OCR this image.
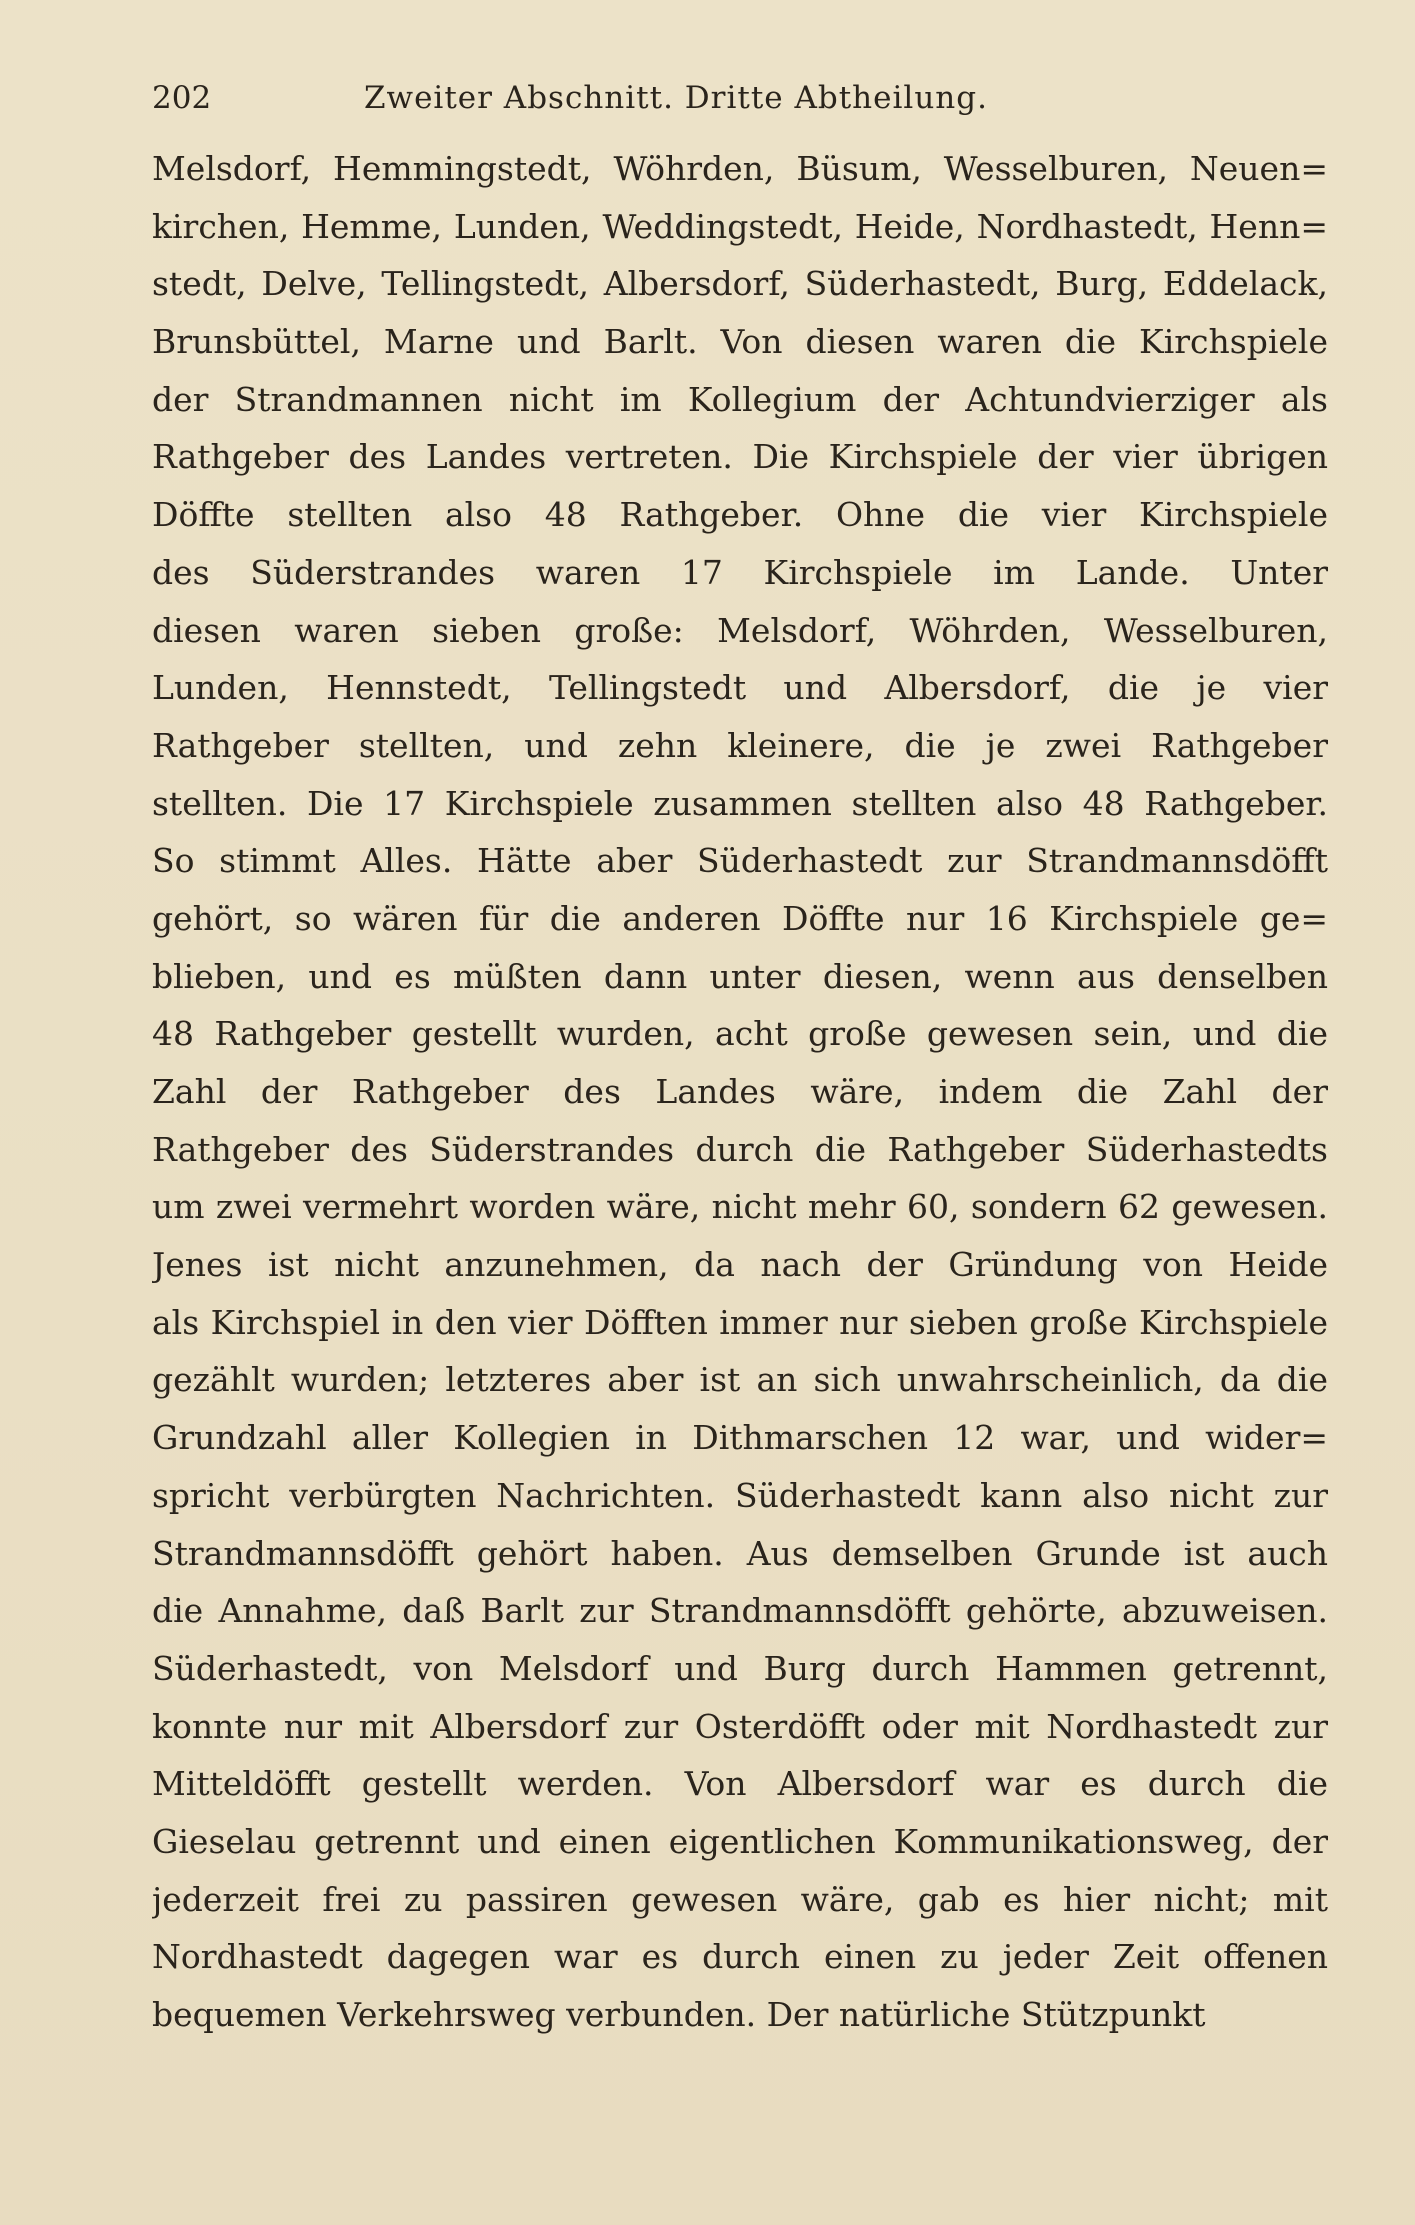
202	Zweiter Abschnitt. Dritte Abtheilung.
Melsdorf, Hemmingstedt, Wöhrden, Büsum, Wesselburen, Neuen=
kirchen, Hemme, Lunden, Weddingstedt, Heide, Nordhastedt, Henn=
stedt, Delve, Tellingstedt, Albersdorf, Süderhastedt, Burg, Eddelack,
Brunsbüttel, Marne und Barlt. Von diesen waren die Kirchspiele
der Strandmannen nicht im Kollegium der Achtundvierziger als
Rathgeber des Landes vertreten. Die Kirchspiele der vier übrigen
Döffte stellten also 48 Rathgeber. Ohne die vier Kirchspiele
des Süderstrandes waren 17 Kirchspiele im Lande. Unter
diesen waren sieben große: Melsdorf, Wöhrden, Wesselburen,
Lunden, Hennstedt, Tellingstedt und Albersdorf, die je vier
Rathgeber stellten, und zehn kleinere, die je zwei Rathgeber
stellten. Die 17 Kirchspiele zusammen stellten also 48 Rathgeber.
So stimmt Alles. Hätte aber Süderhastedt zur Strandmannsdöfft
gehört, so wären für die anderen Döffte nur 16 Kirchspiele ge=
blieben, und es müßten dann unter diesen, wenn aus denselben
48 Rathgeber gestellt wurden, acht große gewesen sein, und die
Zahl der Rathgeber des Landes wäre, indem die Zahl der
Rathgeber des Süderstrandes durch die Rathgeber Süderhastedts
um zwei vermehrt worden wäre, nicht mehr 60, sondern 62 gewesen.
Jenes ist nicht anzunehmen, da nach der Gründung von Heide
als Kirchspiel in den vier Döfften immer nur sieben große Kirchspiele
gezählt wurden; letzteres aber ist an sich unwahrscheinlich, da die
Grundzahl aller Kollegien in Dithmarschen 12 war, und wider=
spricht verbürgten Nachrichten. Süderhastedt kann also nicht zur
Strandmannsdöfft gehört haben. Aus demselben Grunde ist auch
die Annahme, daß Barlt zur Strandmannsdöfft gehörte, abzuweisen.
Süderhastedt, von Melsdorf und Burg durch Hammen getrennt,
konnte nur mit Albersdorf zur Osterdöfft oder mit Nordhastedt zur
Mitteldöfft gestellt werden. Von Albersdorf war es durch die
Gieselau getrennt und einen eigentlichen Kommunikationsweg, der
jederzeit frei zu passiren gewesen wäre, gab es hier nicht; mit
Nordhastedt dagegen war es durch einen zu jeder Zeit offenen
bequemen Verkehrsweg verbunden. Der natürliche Stützpunkt
